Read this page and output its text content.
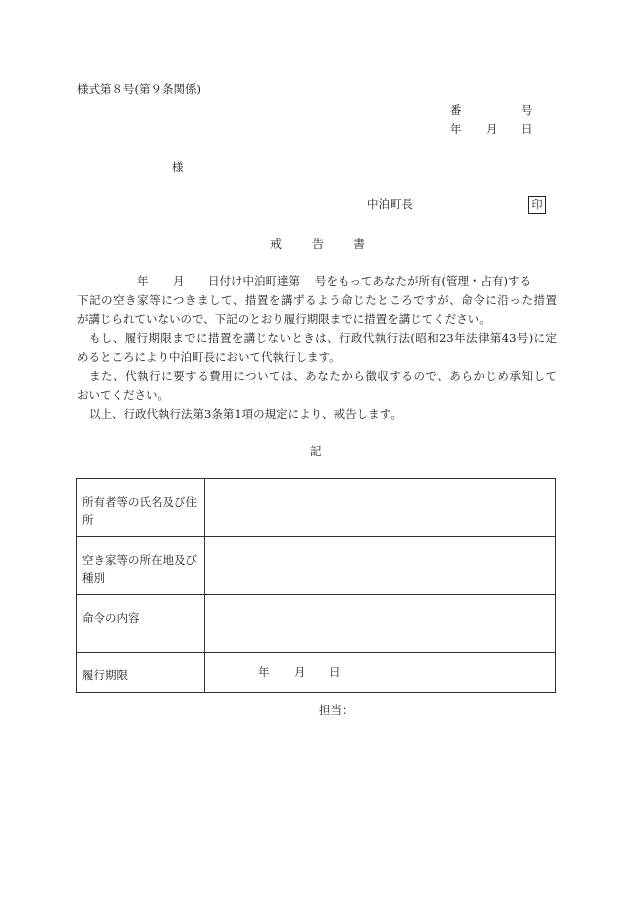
様式第８号(第９条関係)
番	号
年 月 日
様
中泊町長	印
戒 告 書
年 月 日付け中泊町達第 号をもってあなたが所有(管理・占有)する
下記の空き家等につきまして、措置を講ずるよう命じたところですが、命令に沿った措置
が講じられていないので、下記のとおり履行期限までに措置を講じてください。
もし、履行期限までに措置を講じないときは、行政代執行法(昭和23年法律第43号)に定
めるところにより中泊町長において代執行します。
また、代執行に要する費用については、あなたから徴収するので、あらかじめ承知して
おいてください。
以上、行政代執行法第3条第1項の規定により、戒告します。
記
所有者等の氏名及び住所	
空き家等の所在地及び種別	
命令の内容	
履行期限	年 月 日
担当：
